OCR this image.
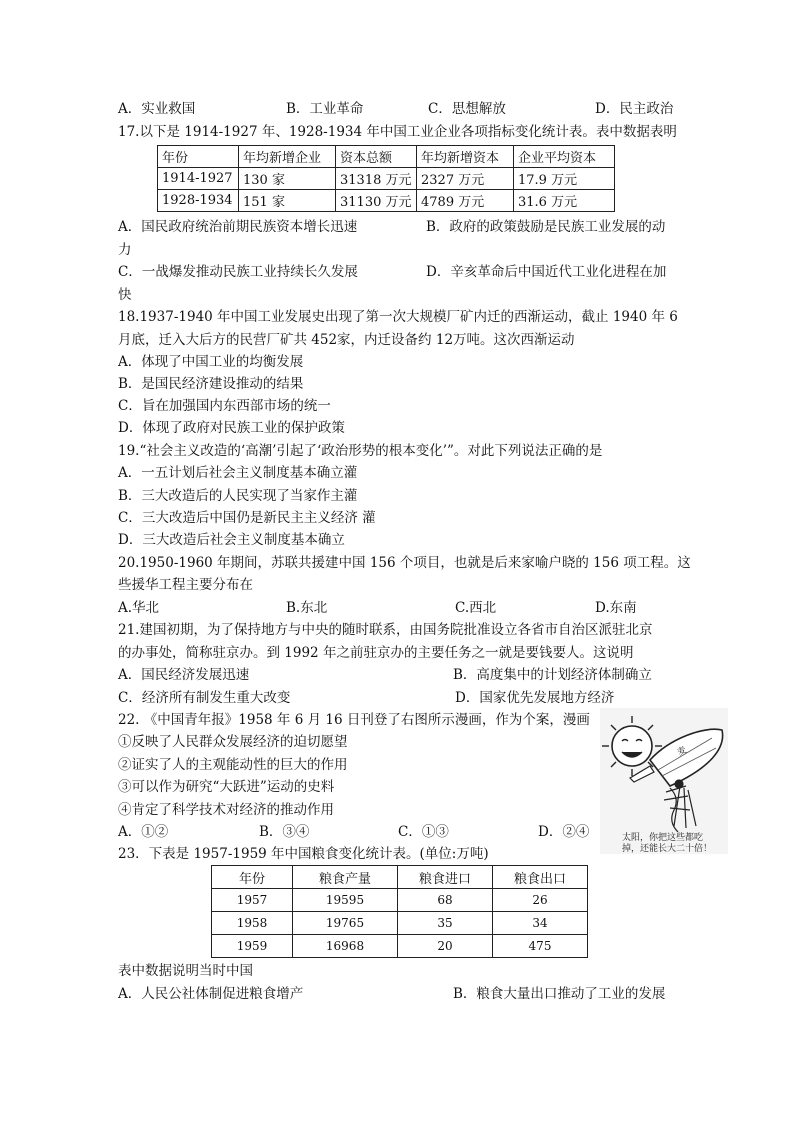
A．实业救国	B．工业革命	C．思想解放	D．民主政治
17.以下是 1914-1927 年、1928-1934 年中国工业企业各项指标变化统计表。表中数据表明
年份	年均新增企业	资本总额	年均新增资本	企业平均资本
1914-1927	130 家	31318 万元	2327 万元	17.9 万元
1928-1934	151 家	31130 万元	4789 万元	31.6 万元
A．国民政府统治前期民族资本增长迅速	B．政府的政策鼓励是民族工业发展的动
力
C．一战爆发推动民族工业持续长久发展	D．辛亥革命后中国近代工业化进程在加
快
18.1937-1940 年中国工业发展史出现了第一次大规模厂矿内迁的西渐运动，截止 1940 年 6
月底，迁入大后方的民营厂矿共 452家，内迁设备约 12万吨。这次西渐运动
A．体现了中国工业的均衡发展
B．是国民经济建设推动的结果
C．旨在加强国内东西部市场的统一
D．体现了政府对民族工业的保护政策
19.“社会主义改造的‘高潮’引起了‘政治形势的根本变化’”。对此下列说法正确的是
A．一五计划后社会主义制度基本确立灌
B．三大改造后的人民实现了当家作主灌
C．三大改造后中国仍是新民主主义经济 灌
D．三大改造后社会主义制度基本确立
20.1950-1960 年期间，苏联共援建中国 156 个项目，也就是后来家喻户晓的 156 项工程。这
些援华工程主要分布在
A.华北	B.东北	C.西北	D.东南
21.建国初期，为了保持地方与中央的随时联系，由国务院批准设立各省市自治区派驻北京
的办事处，简称驻京办。到 1992 年之前驻京办的主要任务之一就是要钱要人。这说明
A．国民经济发展迅速	B．高度集中的计划经济体制确立
C．经济所有制发生重大改变	D．国家优先发展地方经济
22. 《中国青年报》1958 年 6 月 16 日刊登了右图所示漫画，作为个案，漫画
①反映了人民群众发展经济的迫切愿望
②证实了人的主观能动性的巨大的作用
③可以作为研究“大跃进”运动的史料
④肯定了科学技术对经济的推动作用
A．①②	B．③④	C．①③	D．②④
麦
太阳，你把这些都吃
掉，还能长大二十倍！
23．下表是 1957-1959 年中国粮食变化统计表。(单位:万吨)
年份	粮食产量	粮食进口	粮食出口
1957	19595	68	26
1958	19765	35	34
1959	16968	20	475
表中数据说明当时中国
A．人民公社体制促进粮食增产	B．粮食大量出口推动了工业的发展
